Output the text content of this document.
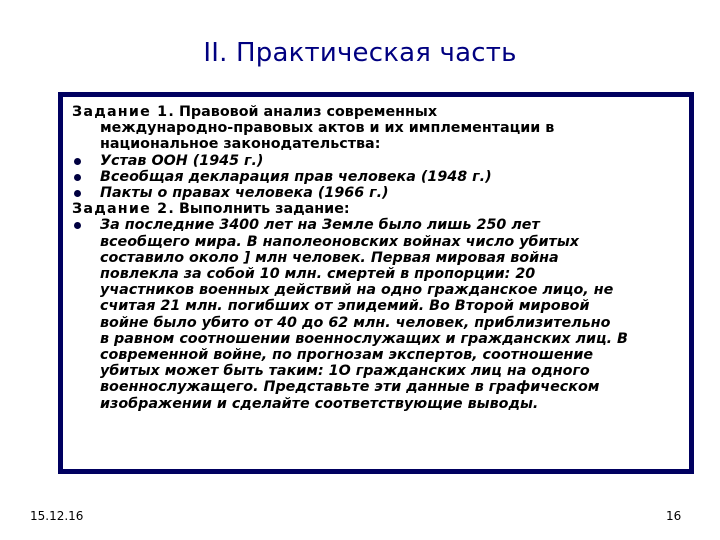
II. Практическая часть

Задание 1. Правовой анализ современных

международно-правовых актов и их имплементации в

национальное законодательства:

Устав ООН (1945 г.)

Всеобщая декларация прав человека (1948 г.)

Пакты о правах человека (1966 г.)

Задание 2. Выполнить задание:

За последние 3400 лет на Земле было лишь 250 лет
всеобщего мира. В наполеоновских войнах число убитых
составило около ] млн человек. Первая мировая война
повлекла за собой 10 млн. смертей в пропорции: 20
участников военных действий на одно гражданское лицо, не
считая 21 млн. погибших от эпидемий. Во Второй мировой
войне было убито от 40 до 62 млн. человек, приблизительно
в равном соотношении военнослужащих и гражданских лиц. В
современной войне, по прогнозам экспертов, соотношение
убитых может быть таким: 1О гражданских лиц на одного
военнослужащего. Представьте эти данные в графическом
изображении и сделайте соответствующие выводы.
15.12.16	16
